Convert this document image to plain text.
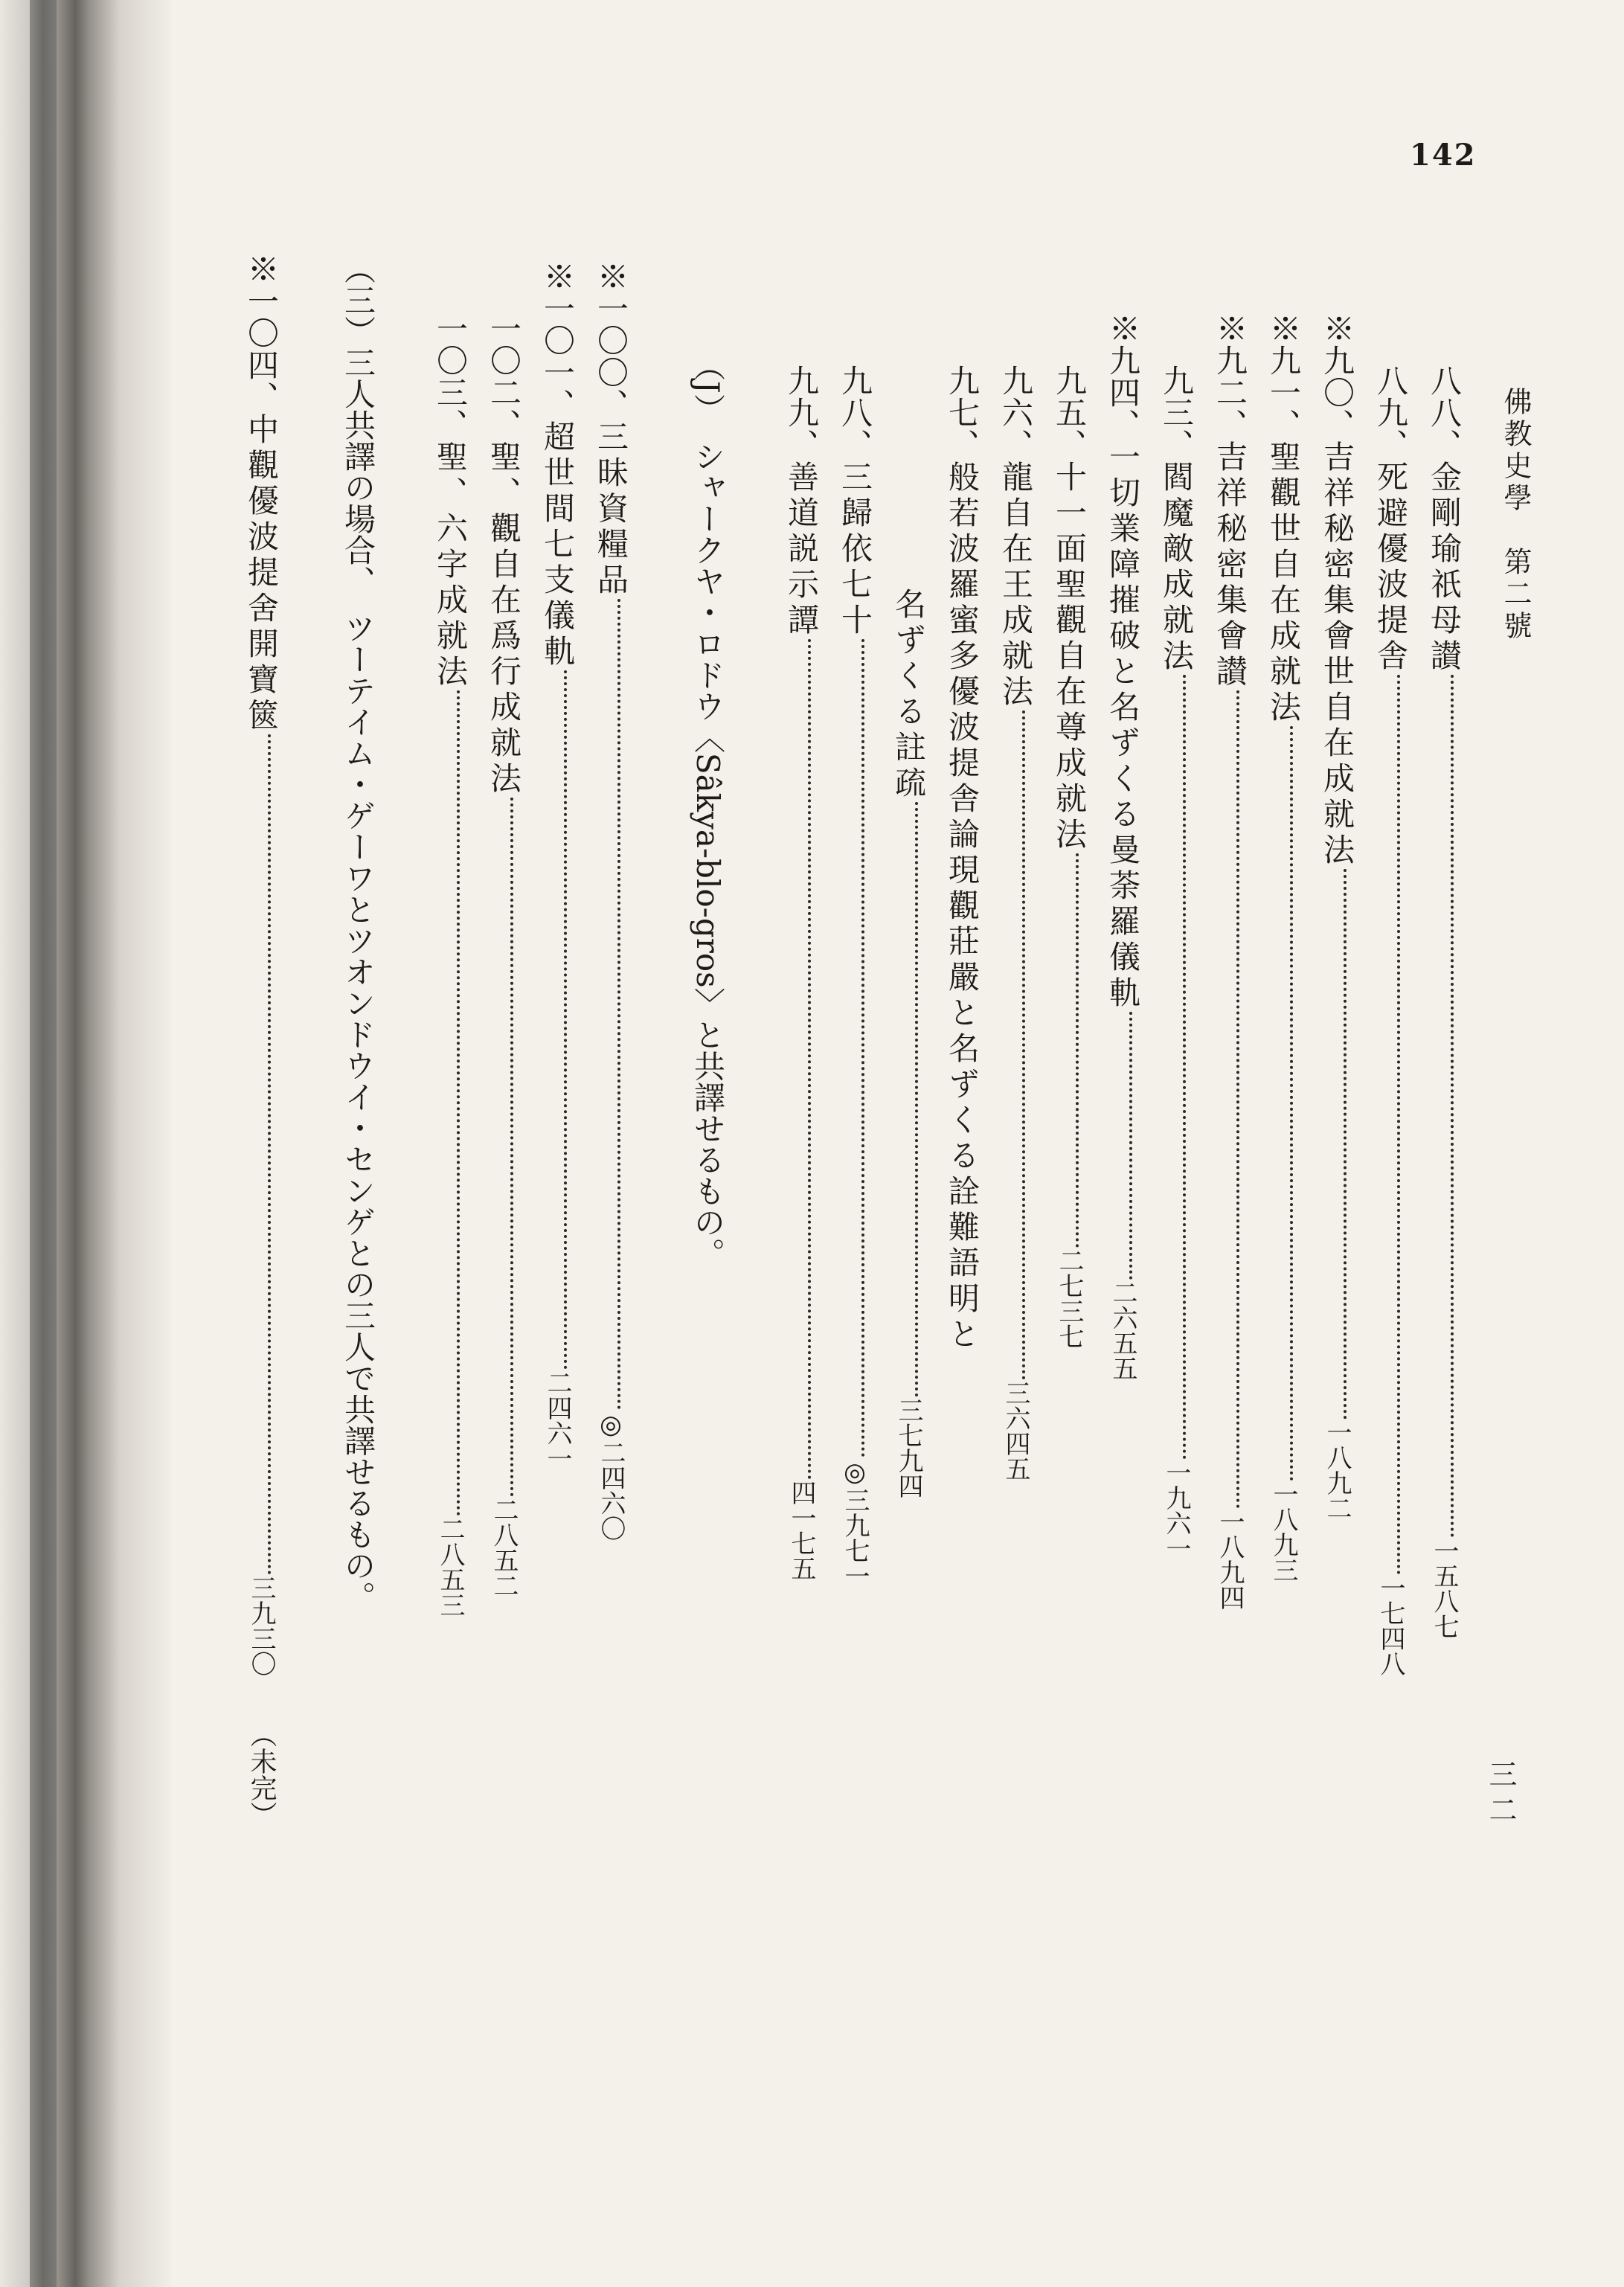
142
佛教史學　第二號
三二
八八、金剛瑜祇母讃一五八七
八九、死避優波提舎一七四八
※九〇、吉祥秘密集會世自在成就法一八九二
※九一、聖觀世自在成就法一八九三
※九二、吉祥秘密集會讃一八九四
九三、閻魔敵成就法一九六一
※九四、一切業障摧破と名ずくる曼荼羅儀軌二六五五
九五、十一面聖觀自在尊成就法二七三七
九六、龍自在王成就法三六四五
九七、般若波羅蜜多優波提舎論現觀莊嚴と名ずくる詮難語明と
名ずくる註疏三七九四
九八、三歸依七十◎三九七一
九九、善道説示譚四一七五
（J）　シャークヤ・ロドウ〈Sâkya-blo-gros〉と共譯せるもの。
※一〇〇、三昧資糧品◎二四六〇
※一〇一、超世間七支儀軌二四六一
一〇二、聖、觀自在爲行成就法二八五二
一〇三、聖、六字成就法二八五三
（三）三人共譯の場合、　ツーテイム・ゲーワとツオンドウイ・センゲとの三人で共譯せるもの。
※一〇四、中觀優波提舍開寶篋三九三〇（未完）
